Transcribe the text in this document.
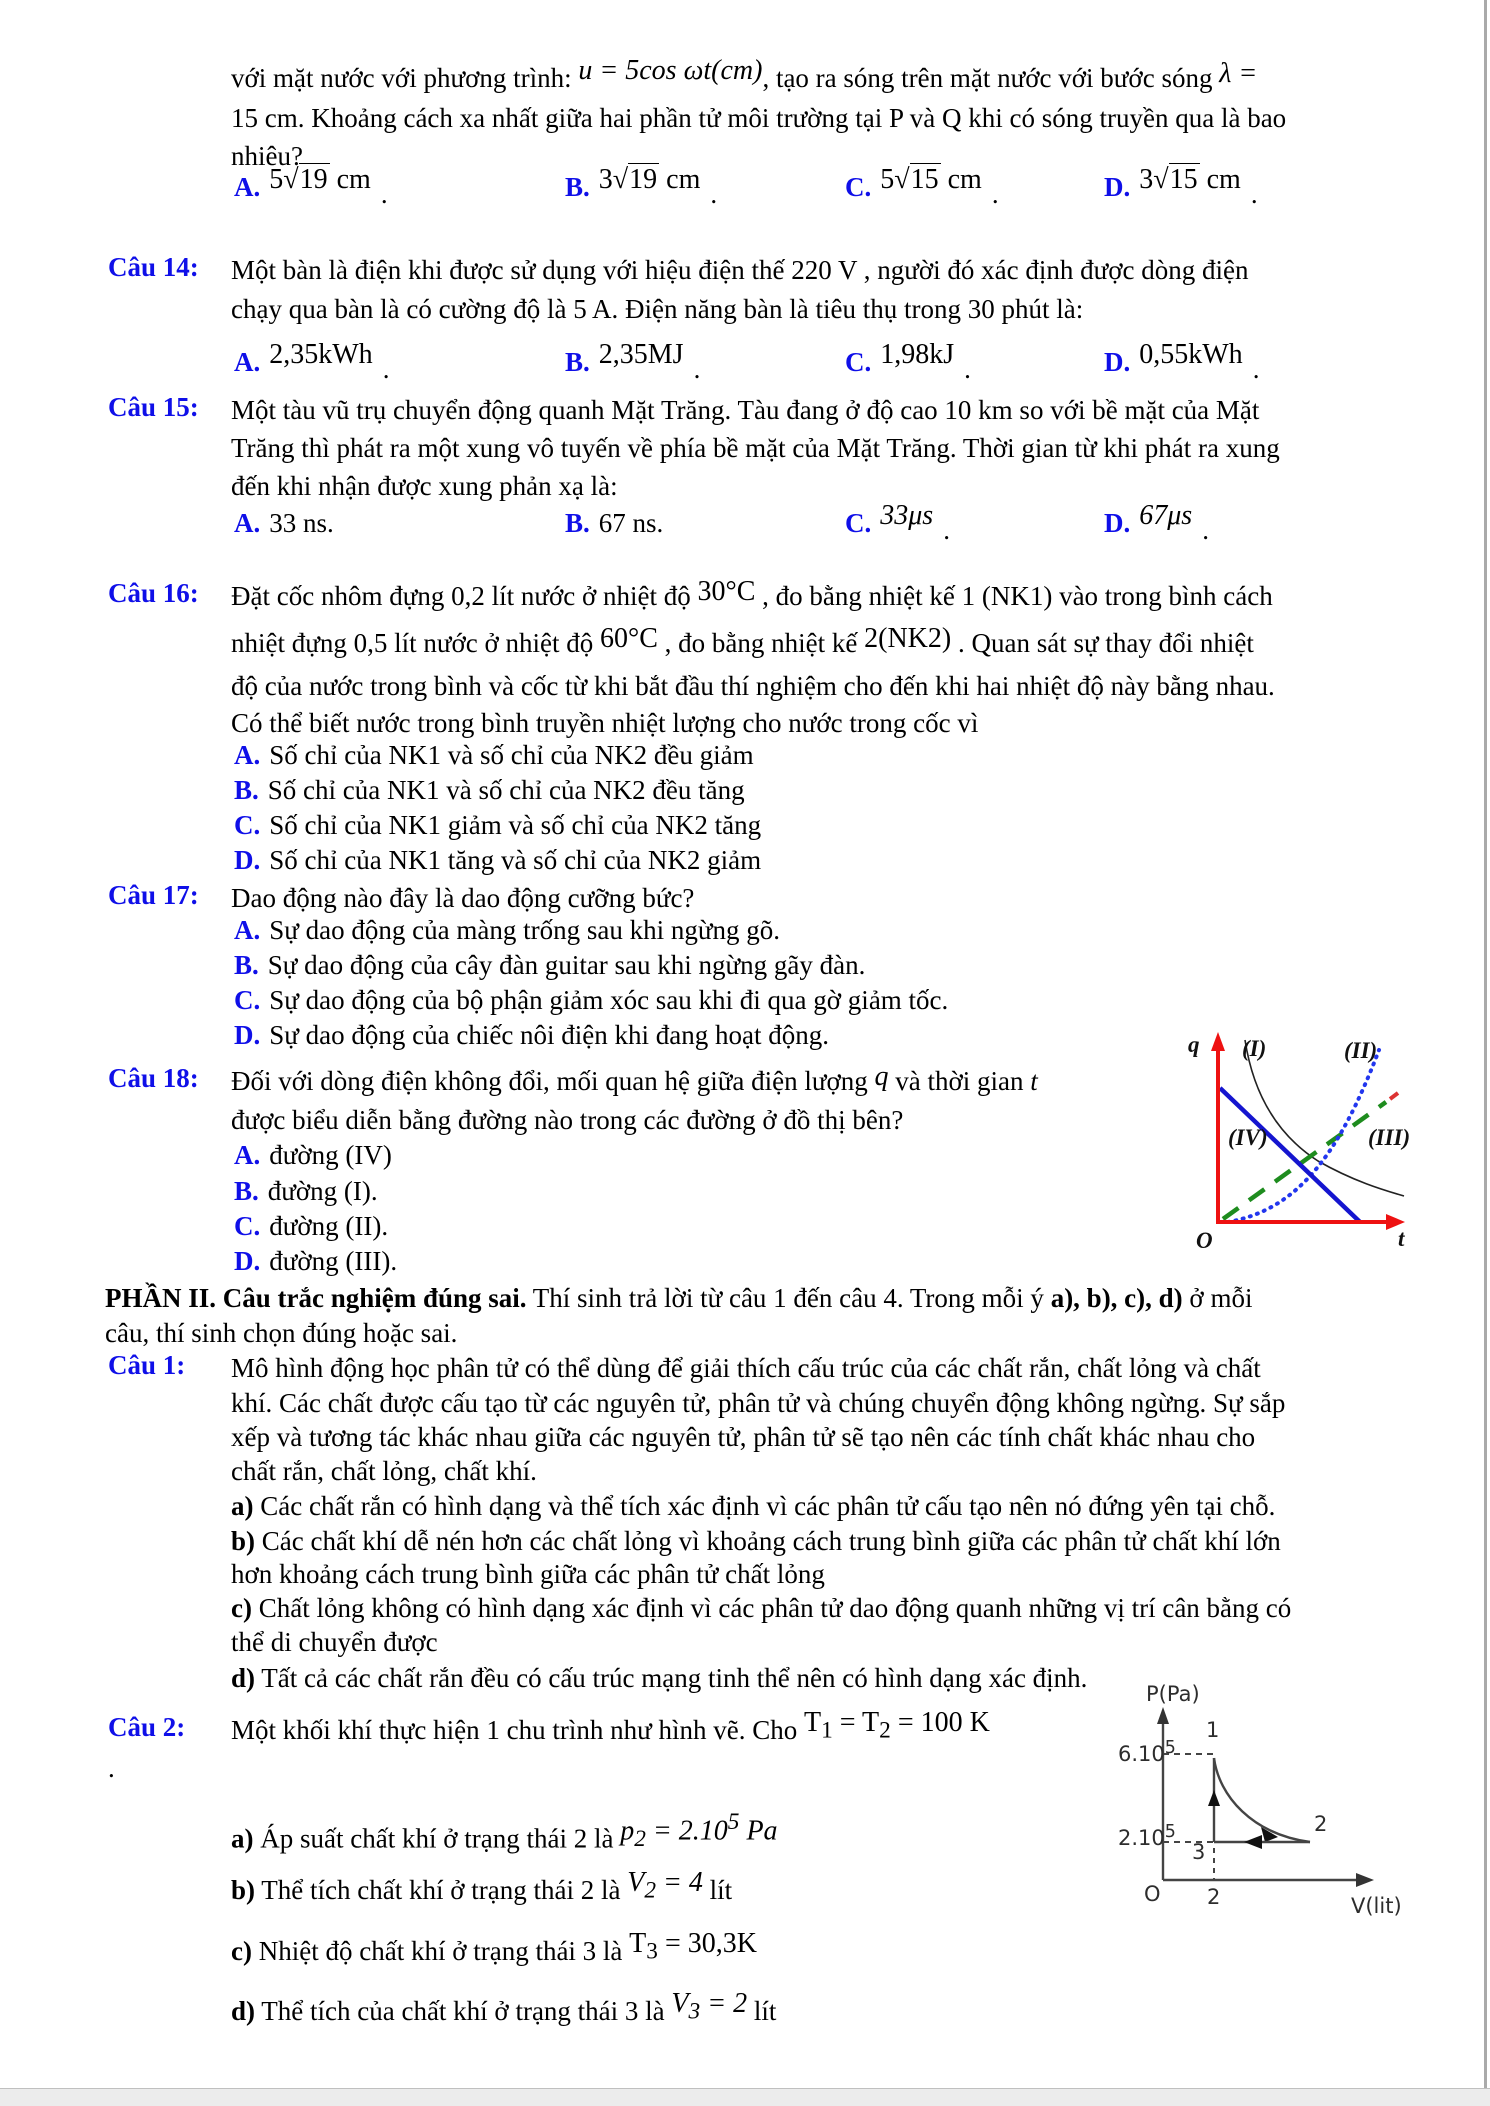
với mặt nước với phương trình: u = 5cos ωt(cm), tạo ra sóng trên mặt nước với bước sóng λ =
15 cm. Khoảng cách xa nhất giữa hai phần tử môi trường tại P và Q khi có sóng truyền qua là bao
nhiêu?
A. 5√19 cm .	B. 3√19 cm .	C. 5√15 cm .	D. 3√15 cm .
Câu 14: Một bàn là điện khi được sử dụng với hiệu điện thế 220 V , người đó xác định được dòng điện
chạy qua bàn là có cường độ là 5 A. Điện năng bàn là tiêu thụ trong 30 phút là:
A. 2,35kWh .	B. 2,35MJ .	C. 1,98kJ .	D. 0,55kWh .
Câu 15: Một tàu vũ trụ chuyển động quanh Mặt Trăng. Tàu đang ở độ cao 10 km so với bề mặt của Mặt
Trăng thì phát ra một xung vô tuyến về phía bề mặt của Mặt Trăng. Thời gian từ khi phát ra xung
đến khi nhận được xung phản xạ là:
A. 33 ns.	B. 67 ns.	C. 33μs .	D. 67μs .
Câu 16: Đặt cốc nhôm đựng 0,2 lít nước ở nhiệt độ 30°C , đo bằng nhiệt kế 1 (NK1) vào trong bình cách
nhiệt đựng 0,5 lít nước ở nhiệt độ 60°C , đo bằng nhiệt kế 2(NK2) . Quan sát sự thay đổi nhiệt
độ của nước trong bình và cốc từ khi bắt đầu thí nghiệm cho đến khi hai nhiệt độ này bằng nhau.
Có thể biết nước trong bình truyền nhiệt lượng cho nước trong cốc vì
A. Số chỉ của NK1 và số chỉ của NK2 đều giảm
B. Số chỉ của NK1 và số chỉ của NK2 đều tăng
C. Số chỉ của NK1 giảm và số chỉ của NK2 tăng
D. Số chỉ của NK1 tăng và số chỉ của NK2 giảm
Câu 17: Dao động nào đây là dao động cưỡng bức?
A. Sự dao động của màng trống sau khi ngừng gõ.
B. Sự dao động của cây đàn guitar sau khi ngừng gãy đàn.
C. Sự dao động của bộ phận giảm xóc sau khi đi qua gờ giảm tốc.
D. Sự dao động của chiếc nôi điện khi đang hoạt động.
Câu 18: Đối với dòng điện không đổi, mối quan hệ giữa điện lượng q và thời gian t
được biểu diễn bằng đường nào trong các đường ở đồ thị bên?
A. đường (IV)
B. đường (I).
C. đường (II).
D. đường (III).
q
t
O
(I)	(II)
(III)
(IV)
PHẦN II. Câu trắc nghiệm đúng sai. Thí sinh trả lời từ câu 1 đến câu 4. Trong mỗi ý a), b), c), d) ở mỗi
câu, thí sinh chọn đúng hoặc sai.
Câu 1: Mô hình động học phân tử có thể dùng để giải thích cấu trúc của các chất rắn, chất lỏng và chất
khí. Các chất được cấu tạo từ các nguyên tử, phân tử và chúng chuyển động không ngừng. Sự sắp
xếp và tương tác khác nhau giữa các nguyên tử, phân tử sẽ tạo nên các tính chất khác nhau cho
chất rắn, chất lỏng, chất khí.
a) Các chất rắn có hình dạng và thể tích xác định vì các phân tử cấu tạo nên nó đứng yên tại chỗ.
b) Các chất khí dễ nén hơn các chất lỏng vì khoảng cách trung bình giữa các phân tử chất khí lớn
hơn khoảng cách trung bình giữa các phân tử chất lỏng
c) Chất lỏng không có hình dạng xác định vì các phân tử dao động quanh những vị trí cân bằng có
thể di chuyển được
d) Tất cả các chất rắn đều có cấu trúc mạng tinh thể nên có hình dạng xác định.
Câu 2: Một khối khí thực hiện 1 chu trình như hình vẽ. Cho $T_1 = T_2 = 100$ K
.
a) Áp suất chất khí ở trạng thái 2 là $p_2 = 2.10^5$ Pa
b) Thể tích chất khí ở trạng thái 2 là $V_2 = 4$ lít
c) Nhiệt độ chất khí ở trạng thái 3 là $T_3 = 30,3K$
d) Thể tích của chất khí ở trạng thái 3 là $V_3 = 2$ lít
P(Pa)
6.10$^5$
2.10$^5$
1
2
3
O 2	V(lit)
